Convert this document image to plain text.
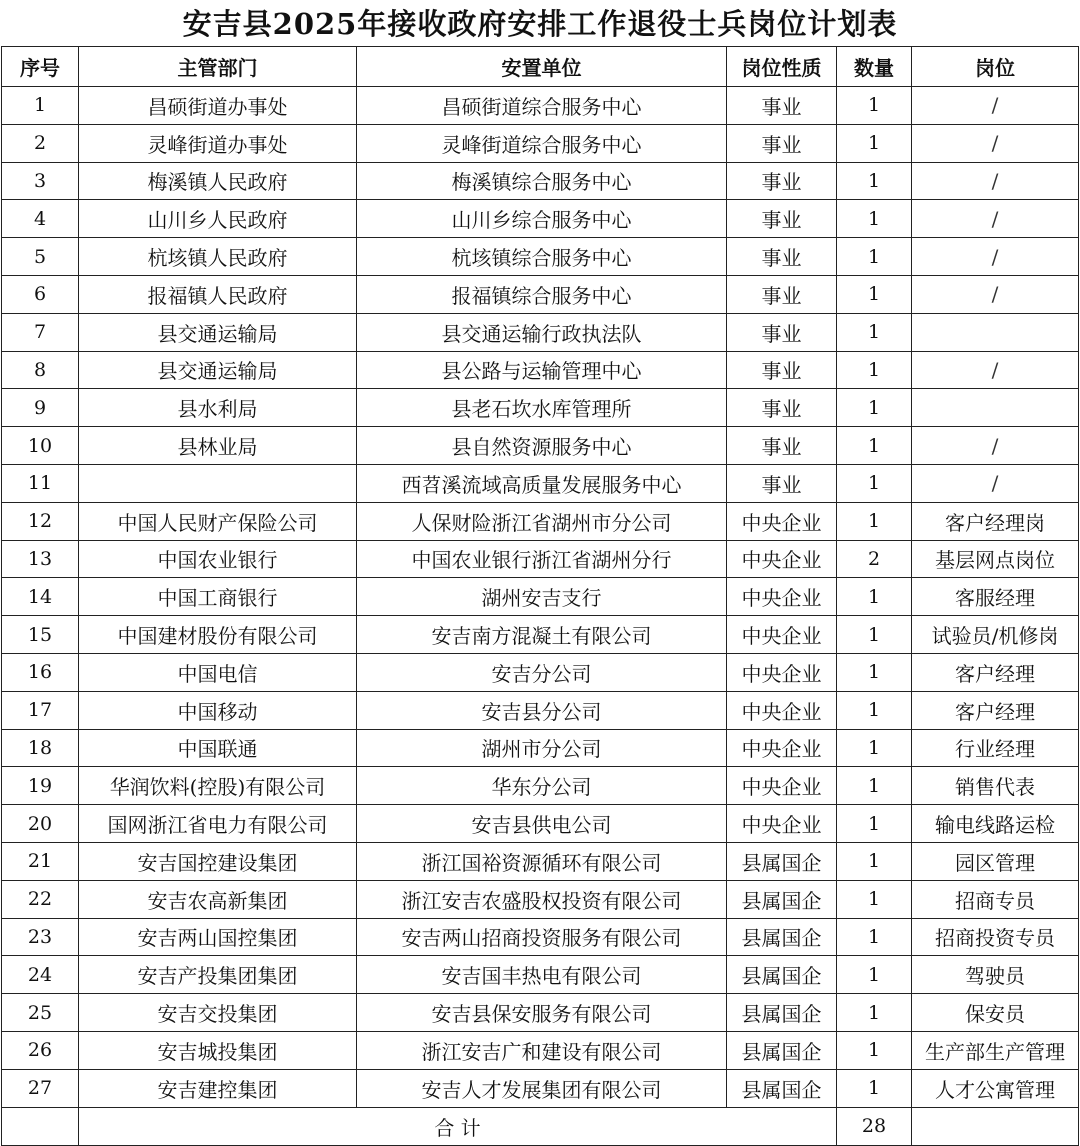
安吉县2025年接收政府安排工作退役士兵岗位计划表
序号	主管部门	安置单位	岗位性质	数量	岗位
1	昌硕街道办事处	昌硕街道综合服务中心	事业	1	/
2	灵峰街道办事处	灵峰街道综合服务中心	事业	1	/
3	梅溪镇人民政府	梅溪镇综合服务中心	事业	1	/
4	山川乡人民政府	山川乡综合服务中心	事业	1	/
5	杭垓镇人民政府	杭垓镇综合服务中心	事业	1	/
6	报福镇人民政府	报福镇综合服务中心	事业	1	/
7	县交通运输局	县交通运输行政执法队	事业	1	
8	县交通运输局	县公路与运输管理中心	事业	1	/
9	县水利局	县老石坎水库管理所	事业	1	
10	县林业局	县自然资源服务中心	事业	1	/
11		西苕溪流域高质量发展服务中心	事业	1	/
12	中国人民财产保险公司	人保财险浙江省湖州市分公司	中央企业	1	客户经理岗
13	中国农业银行	中国农业银行浙江省湖州分行	中央企业	2	基层网点岗位
14	中国工商银行	湖州安吉支行	中央企业	1	客服经理
15	中国建材股份有限公司	安吉南方混凝土有限公司	中央企业	1	试验员/机修岗
16	中国电信	安吉分公司	中央企业	1	客户经理
17	中国移动	安吉县分公司	中央企业	1	客户经理
18	中国联通	湖州市分公司	中央企业	1	行业经理
19	华润饮料(控股)有限公司	华东分公司	中央企业	1	销售代表
20	国网浙江省电力有限公司	安吉县供电公司	中央企业	1	输电线路运检
21	安吉国控建设集团	浙江国裕资源循环有限公司	县属国企	1	园区管理
22	安吉农高新集团	浙江安吉农盛股权投资有限公司	县属国企	1	招商专员
23	安吉两山国控集团	安吉两山招商投资服务有限公司	县属国企	1	招商投资专员
24	安吉产投集团集团	安吉国丰热电有限公司	县属国企	1	驾驶员
25	安吉交投集团	安吉县保安服务有限公司	县属国企	1	保安员
26	安吉城投集团	浙江安吉广和建设有限公司	县属国企	1	生产部生产管理
27	安吉建控集团	安吉人才发展集团有限公司	县属国企	1	人才公寓管理
	合 计			28	
